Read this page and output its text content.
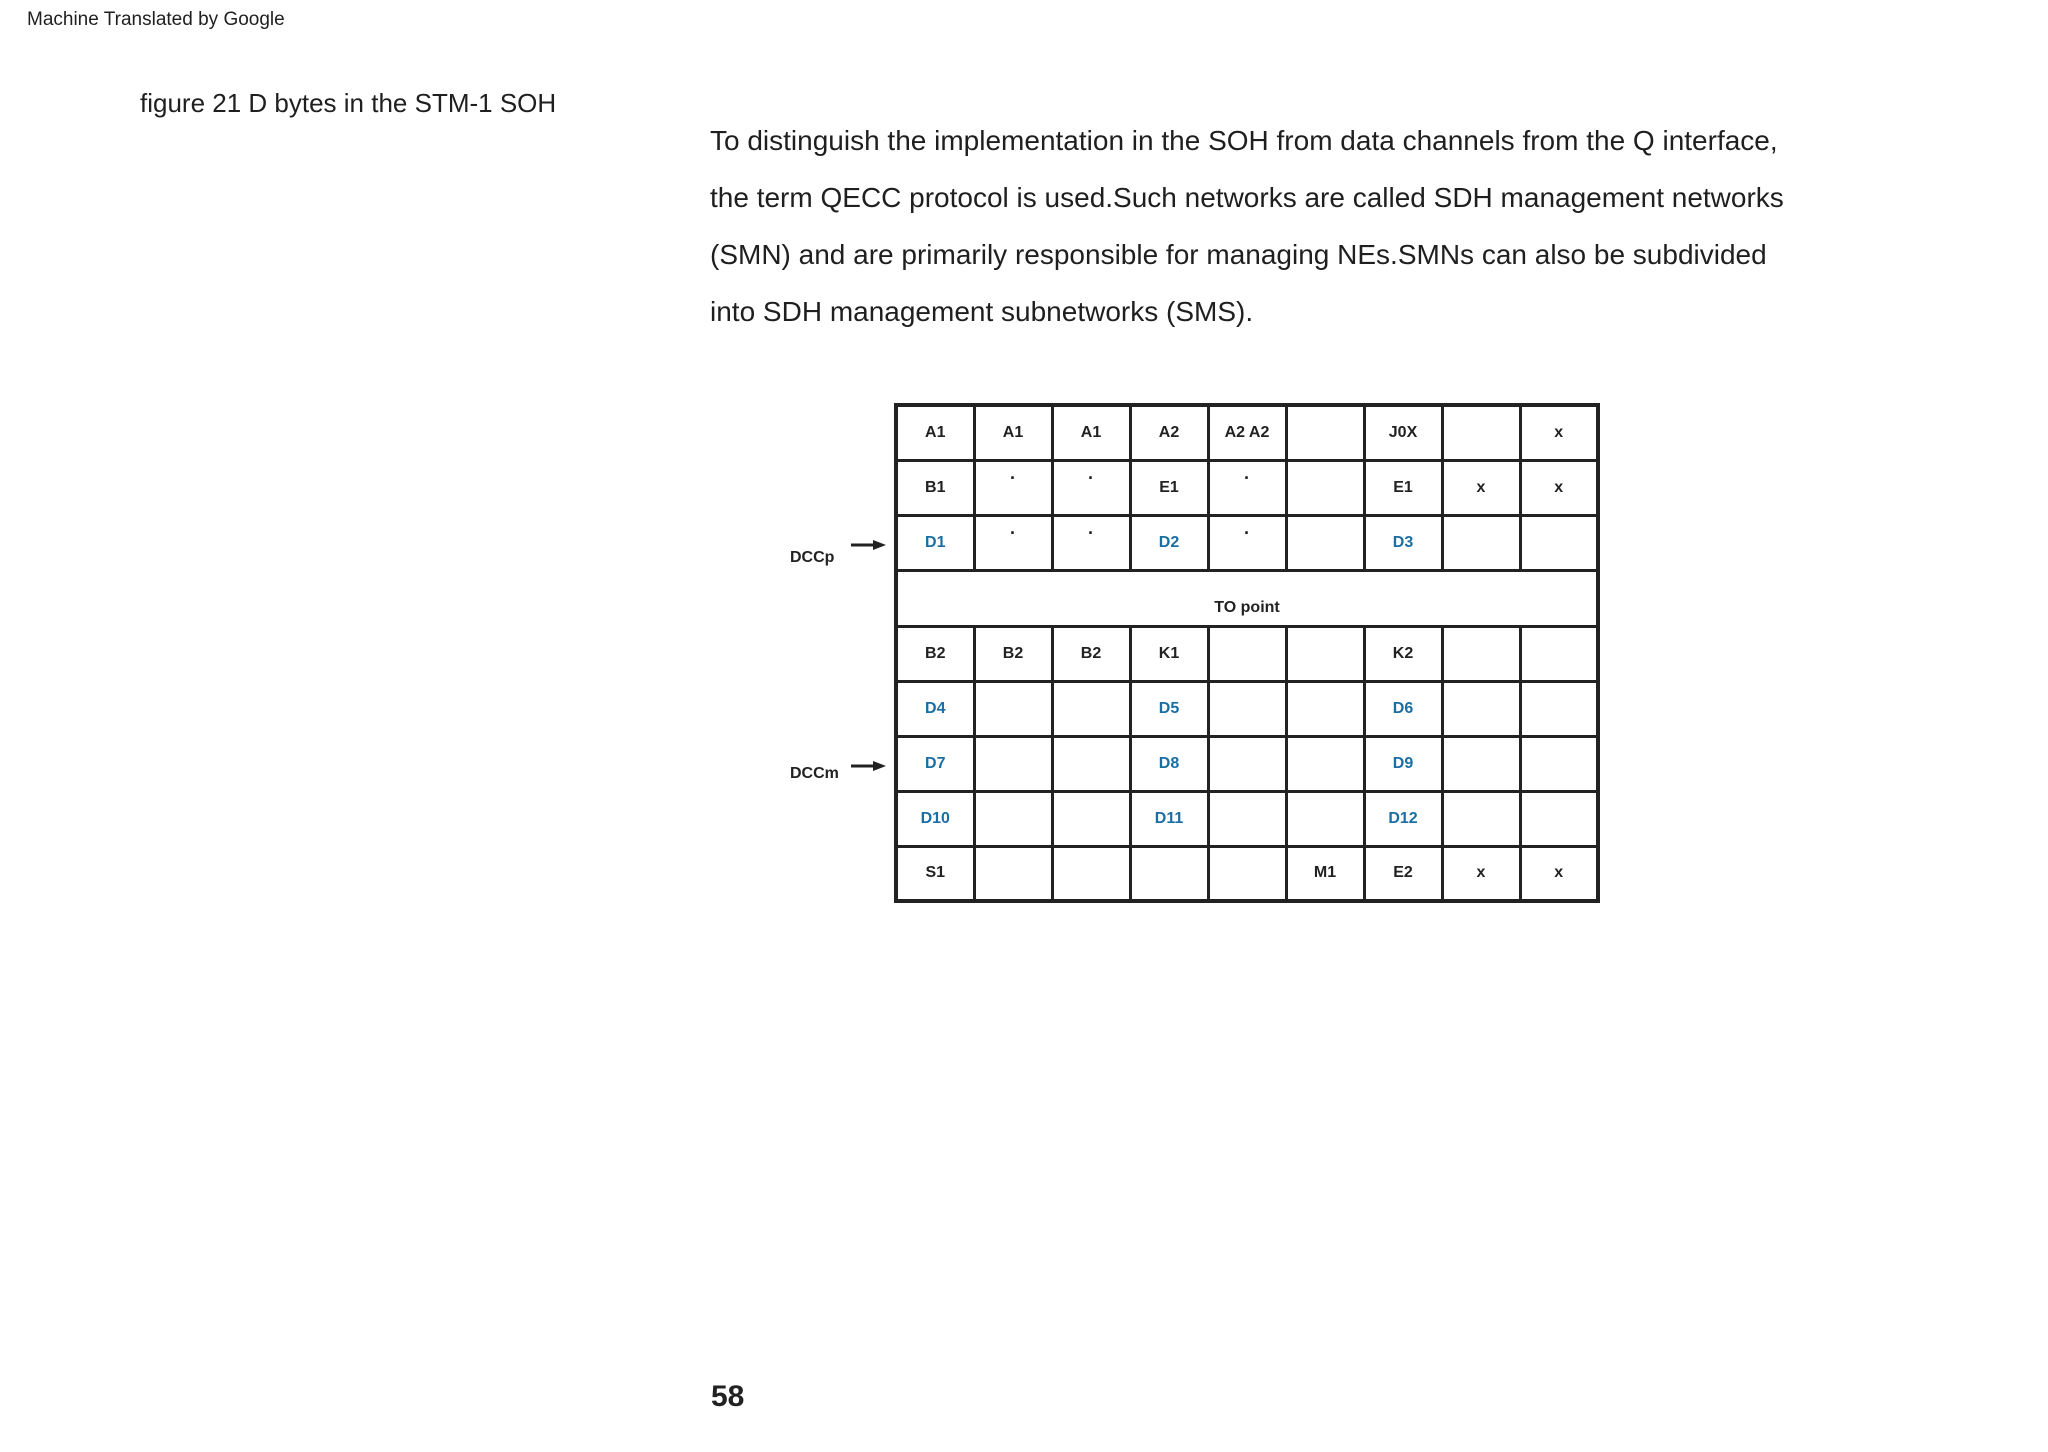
Machine Translated by Google
figure 21 D bytes in the STM-1 SOH
To distinguish the implementation in the SOH from data channels from the Q interface,
the term QECC protocol is used.Such networks are called SDH management networks
(SMN) and are primarily responsible for managing NEs.SMNs can also be subdivided
into SDH management subnetworks (SMS).
DCCp
DCCm
A1	A1	A1	A2	A2 A2		J0X		x
B1	·	·	E1	·		E1	x	x
D1	·	·	D2	·		D3		
TO point								
B2	B2	B2	K1			K2		
D4			D5			D6		
D7			D8			D9		
D10			D11			D12		
S1					M1	E2	x	x
58
